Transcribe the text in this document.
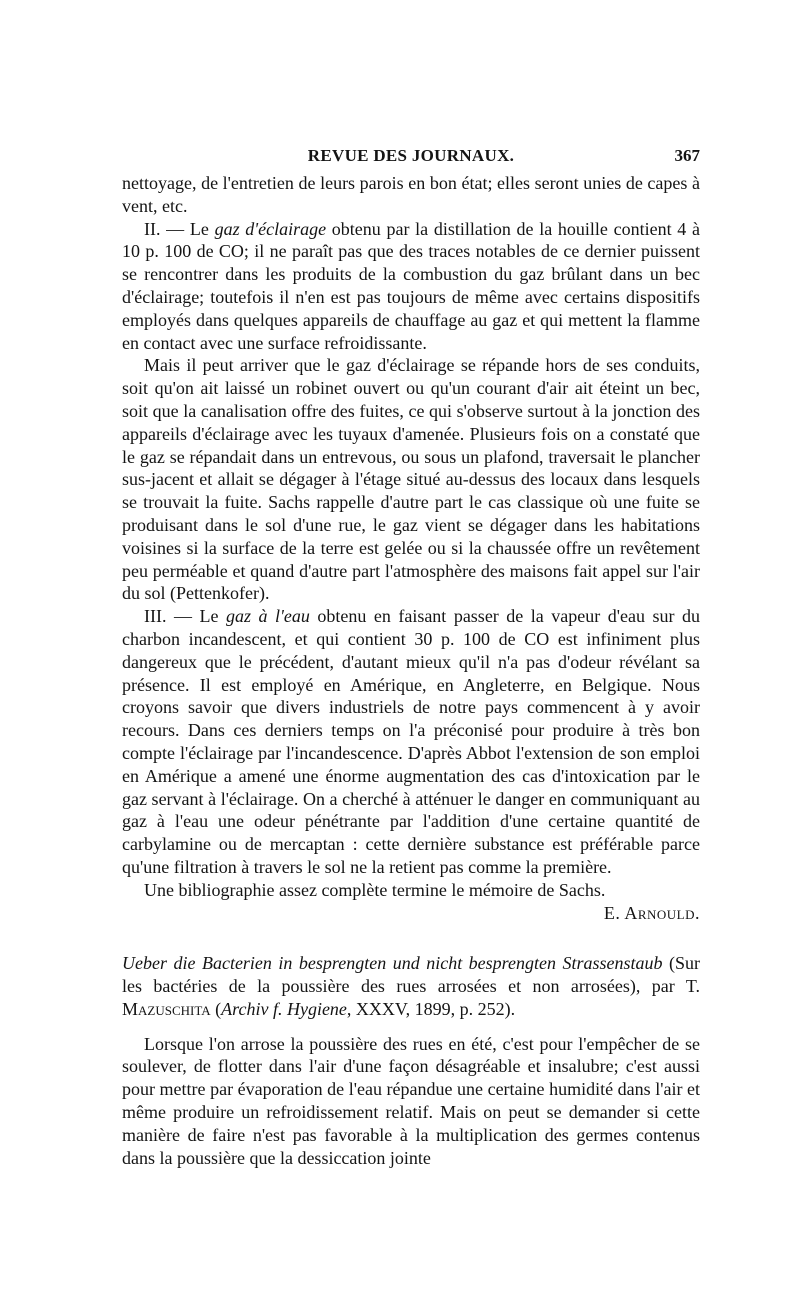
REVUE DES JOURNAUX.	367

nettoyage, de l'entretien de leurs parois en bon état; elles seront unies de capes à vent, etc.

II. — Le gaz d'éclairage obtenu par la distillation de la houille contient 4 à 10 p. 100 de CO; il ne paraît pas que des traces notables de ce dernier puissent se rencontrer dans les produits de la combustion du gaz brûlant dans un bec d'éclairage; toutefois il n'en est pas toujours de même avec certains dispositifs employés dans quelques appareils de chauffage au gaz et qui mettent la flamme en contact avec une surface refroidissante.

Mais il peut arriver que le gaz d'éclairage se répande hors de ses conduits, soit qu'on ait laissé un robinet ouvert ou qu'un courant d'air ait éteint un bec, soit que la canalisation offre des fuites, ce qui s'observe surtout à la jonction des appareils d'éclairage avec les tuyaux d'amenée. Plusieurs fois on a constaté que le gaz se répandait dans un entrevous, ou sous un plafond, traversait le plancher sus-jacent et allait se dégager à l'étage situé au-dessus des locaux dans lesquels se trouvait la fuite. Sachs rappelle d'autre part le cas classique où une fuite se produisant dans le sol d'une rue, le gaz vient se dégager dans les habitations voisines si la surface de la terre est gelée ou si la chaussée offre un revêtement peu perméable et quand d'autre part l'atmosphère des maisons fait appel sur l'air du sol (Pettenkofer).

III. — Le gaz à l'eau obtenu en faisant passer de la vapeur d'eau sur du charbon incandescent, et qui contient 30 p. 100 de CO est infiniment plus dangereux que le précédent, d'autant mieux qu'il n'a pas d'odeur révélant sa présence. Il est employé en Amérique, en Angleterre, en Belgique. Nous croyons savoir que divers industriels de notre pays commencent à y avoir recours. Dans ces derniers temps on l'a préconisé pour produire à très bon compte l'éclairage par l'incandescence. D'après Abbot l'extension de son emploi en Amérique a amené une énorme augmentation des cas d'intoxication par le gaz servant à l'éclairage. On a cherché à atténuer le danger en communiquant au gaz à l'eau une odeur pénétrante par l'addition d'une certaine quantité de carbylamine ou de mercaptan : cette dernière substance est préférable parce qu'une filtration à travers le sol ne la retient pas comme la première.

Une bibliographie assez complète termine le mémoire de Sachs.

E. Arnould.

Ueber die Bacterien in besprengten und nicht besprengten Strassenstaub (Sur les bactéries de la poussière des rues arrosées et non arrosées), par T. Mazuschita (Archiv f. Hygiene, XXXV, 1899, p. 252).

Lorsque l'on arrose la poussière des rues en été, c'est pour l'empêcher de se soulever, de flotter dans l'air d'une façon désagréable et insalubre; c'est aussi pour mettre par évaporation de l'eau répandue une certaine humidité dans l'air et même produire un refroidissement relatif. Mais on peut se demander si cette manière de faire n'est pas favorable à la multiplication des germes contenus dans la poussière que la dessiccation jointe
